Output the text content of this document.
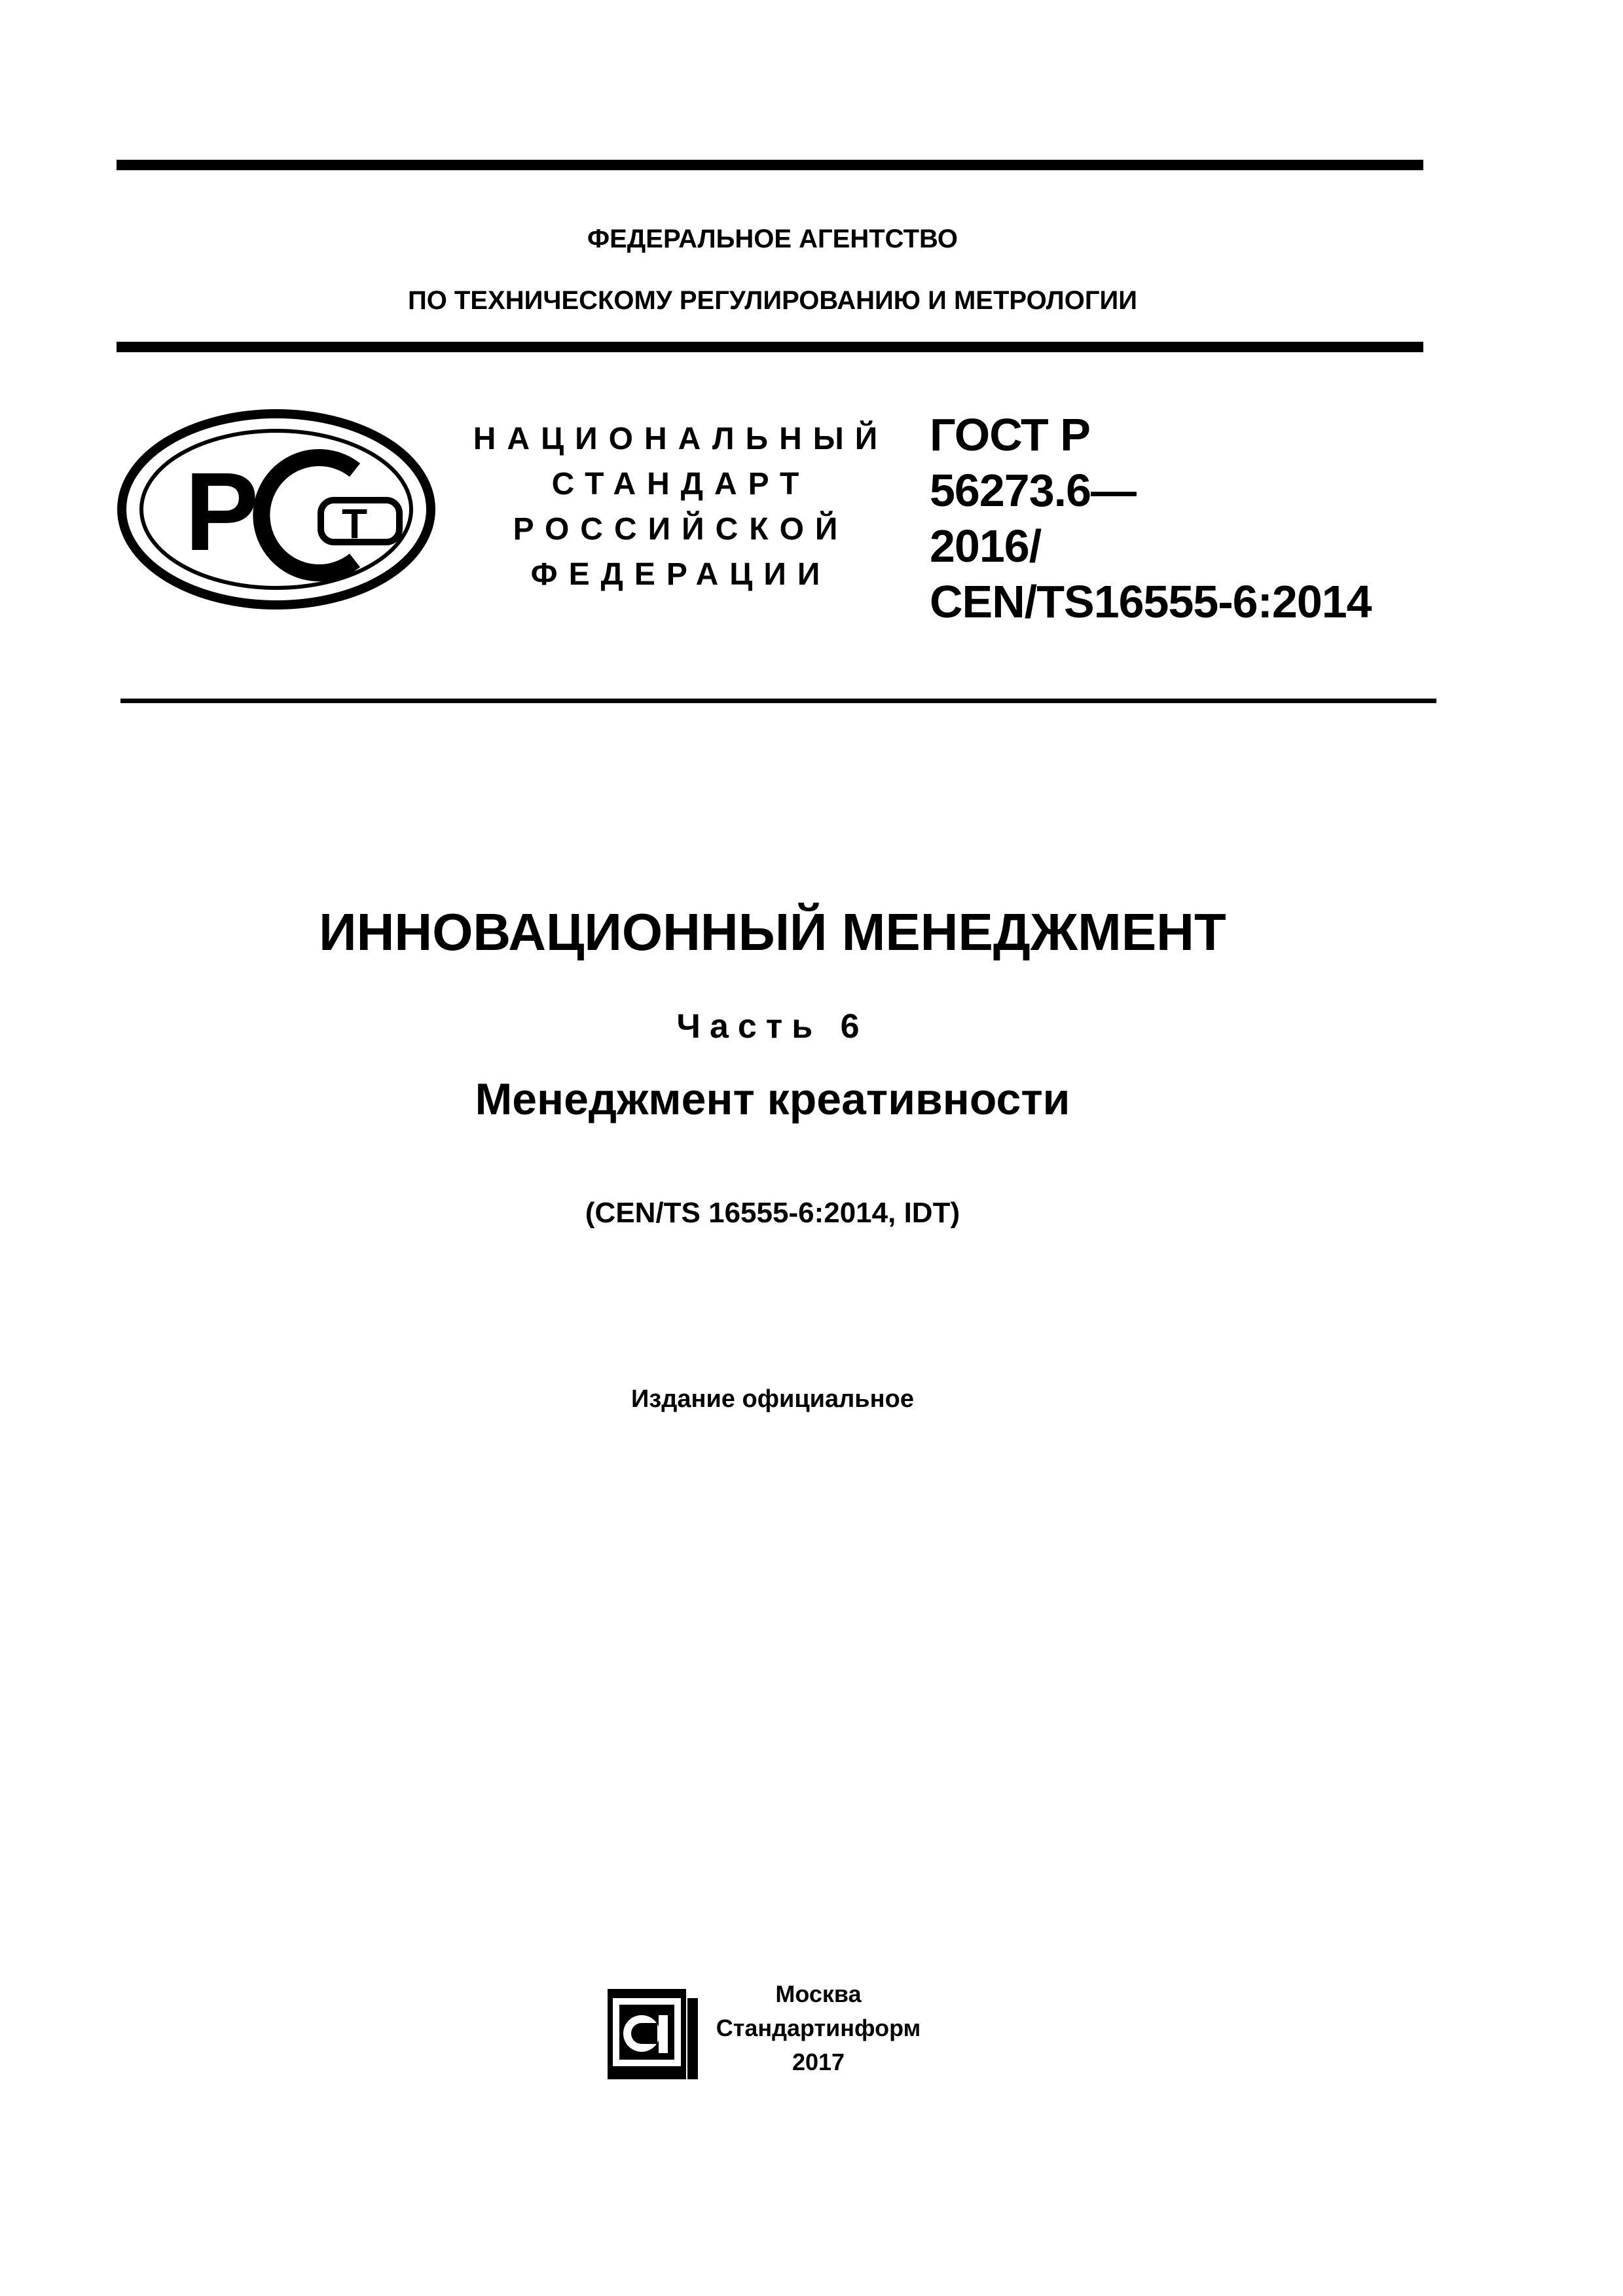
ФЕДЕРАЛЬНОЕ АГЕНТСТВО
ПО ТЕХНИЧЕСКОМУ РЕГУЛИРОВАНИЮ И МЕТРОЛОГИИ
Р Т
НАЦИОНАЛЬНЫЙ
СТАНДАРТ
РОССИЙСКОЙ
ФЕДЕРАЦИИ
ГОСТ Р
56273.6—
2016/
CEN/TS16555-6:2014
ИННОВАЦИОННЫЙ МЕНЕДЖМЕНТ
Часть 6
Менеджмент креативности
(CEN/TS 16555-6:2014, IDT)
Издание официальное
Москва
Стандартинформ
2017
